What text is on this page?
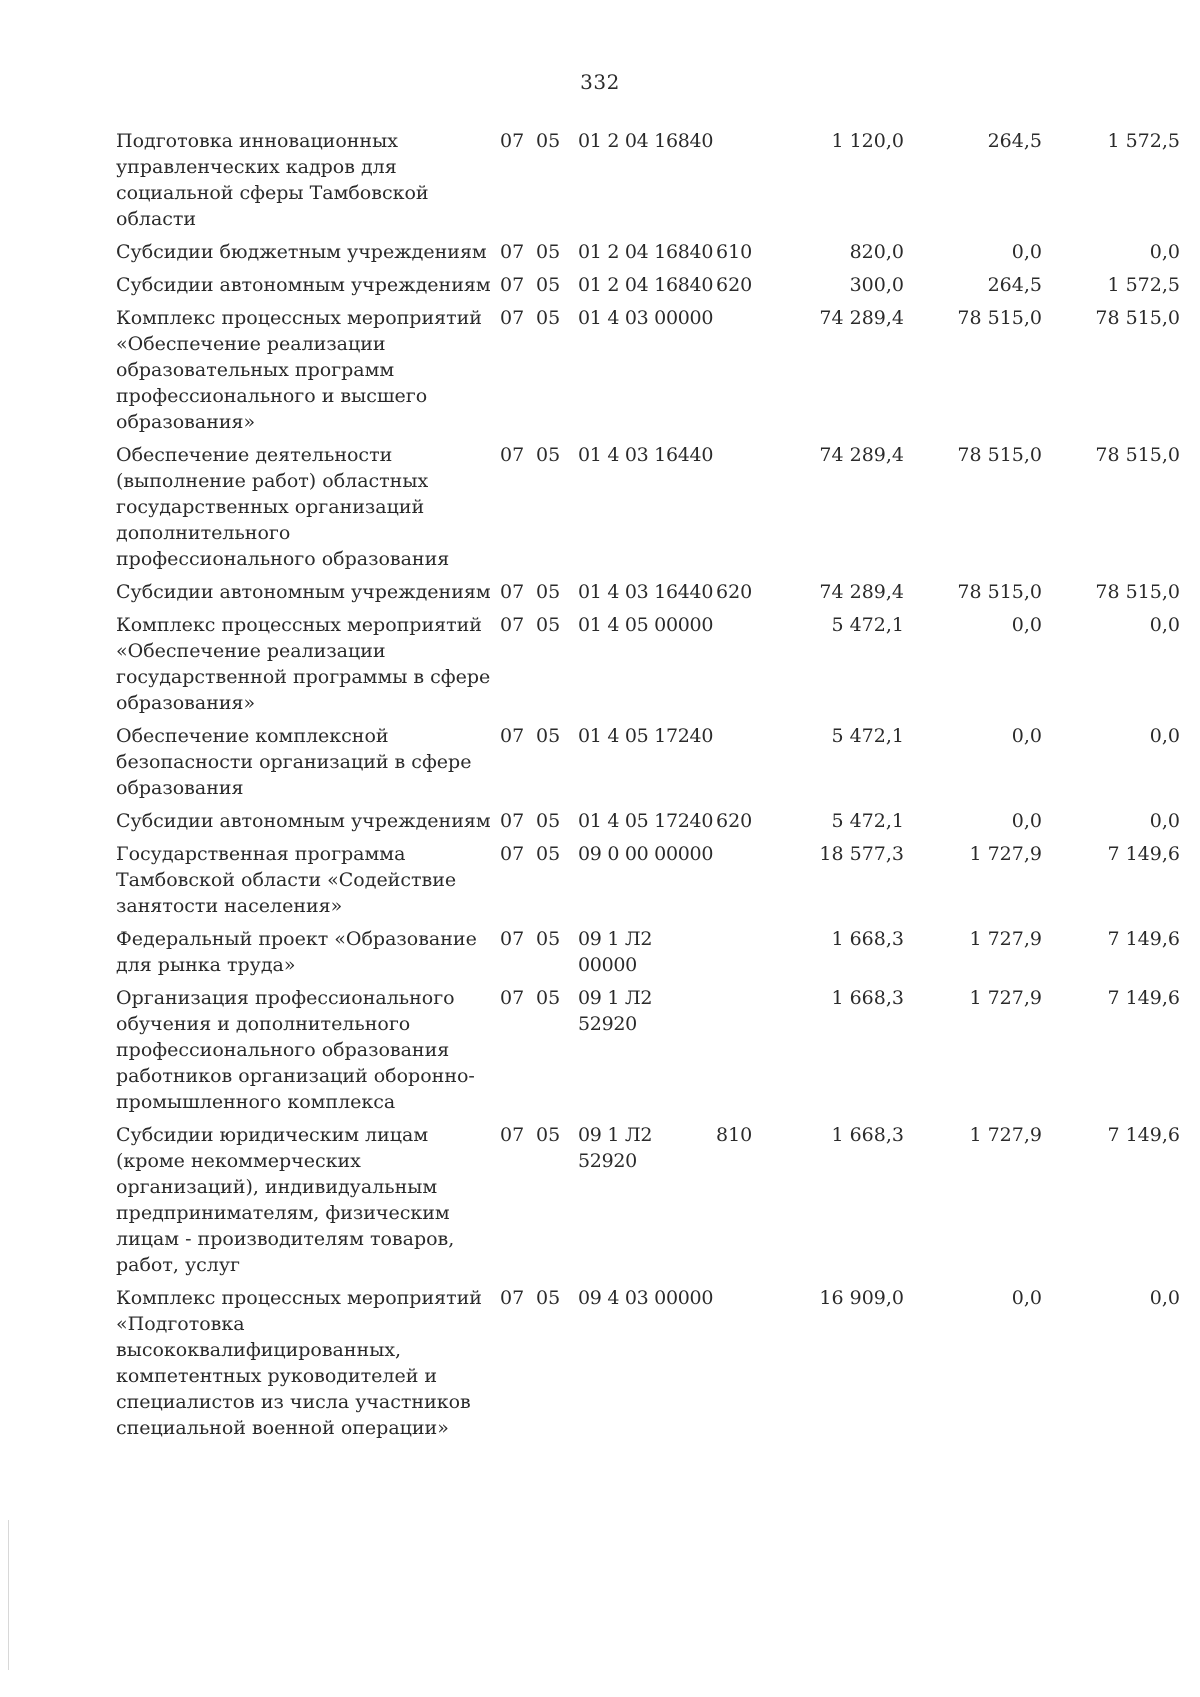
332
Подготовка инновационных управленческих кадров для социальной сферы Тамбовской области	07	05	01 2 04 16840		1 120,0	264,5	1 572,5
Субсидии бюджетным учреждениям	07	05	01 2 04 16840	610	820,0	0,0	0,0
Субсидии автономным учреждениям	07	05	01 2 04 16840	620	300,0	264,5	1 572,5
Комплекс процессных мероприятий «Обеспечение реализации образовательных программ профессионального и высшего образования»	07	05	01 4 03 00000		74 289,4	78 515,0	78 515,0
Обеспечение деятельности (выполнение работ) областных государственных организаций дополнительного профессионального образования	07	05	01 4 03 16440		74 289,4	78 515,0	78 515,0
Субсидии автономным учреждениям	07	05	01 4 03 16440	620	74 289,4	78 515,0	78 515,0
Комплекс процессных мероприятий «Обеспечение реализации государственной программы в сфере образования»	07	05	01 4 05 00000		5 472,1	0,0	0,0
Обеспечение комплексной безопасности организаций в сфере образования	07	05	01 4 05 17240		5 472,1	0,0	0,0
Субсидии автономным учреждениям	07	05	01 4 05 17240	620	5 472,1	0,0	0,0
Государственная программа Тамбовской области «Содействие занятости населения»	07	05	09 0 00 00000		18 577,3	1 727,9	7 149,6
Федеральный проект «Образование для рынка труда»	07	05	09 1 Л2 00000		1 668,3	1 727,9	7 149,6
Организация профессионального обучения и дополнительного профессионального образования работников организаций оборонно-промышленного комплекса	07	05	09 1 Л2 52920		1 668,3	1 727,9	7 149,6
Субсидии юридическим лицам (кроме некоммерческих организаций), индивидуальным предпринимателям, физическим лицам - производителям товаров, работ, услуг	07	05	09 1 Л2 52920	810	1 668,3	1 727,9	7 149,6
Комплекс процессных мероприятий «Подготовка высококвалифицированных, компетентных руководителей и специалистов из числа участников специальной военной операции»	07	05	09 4 03 00000		16 909,0	0,0	0,0
